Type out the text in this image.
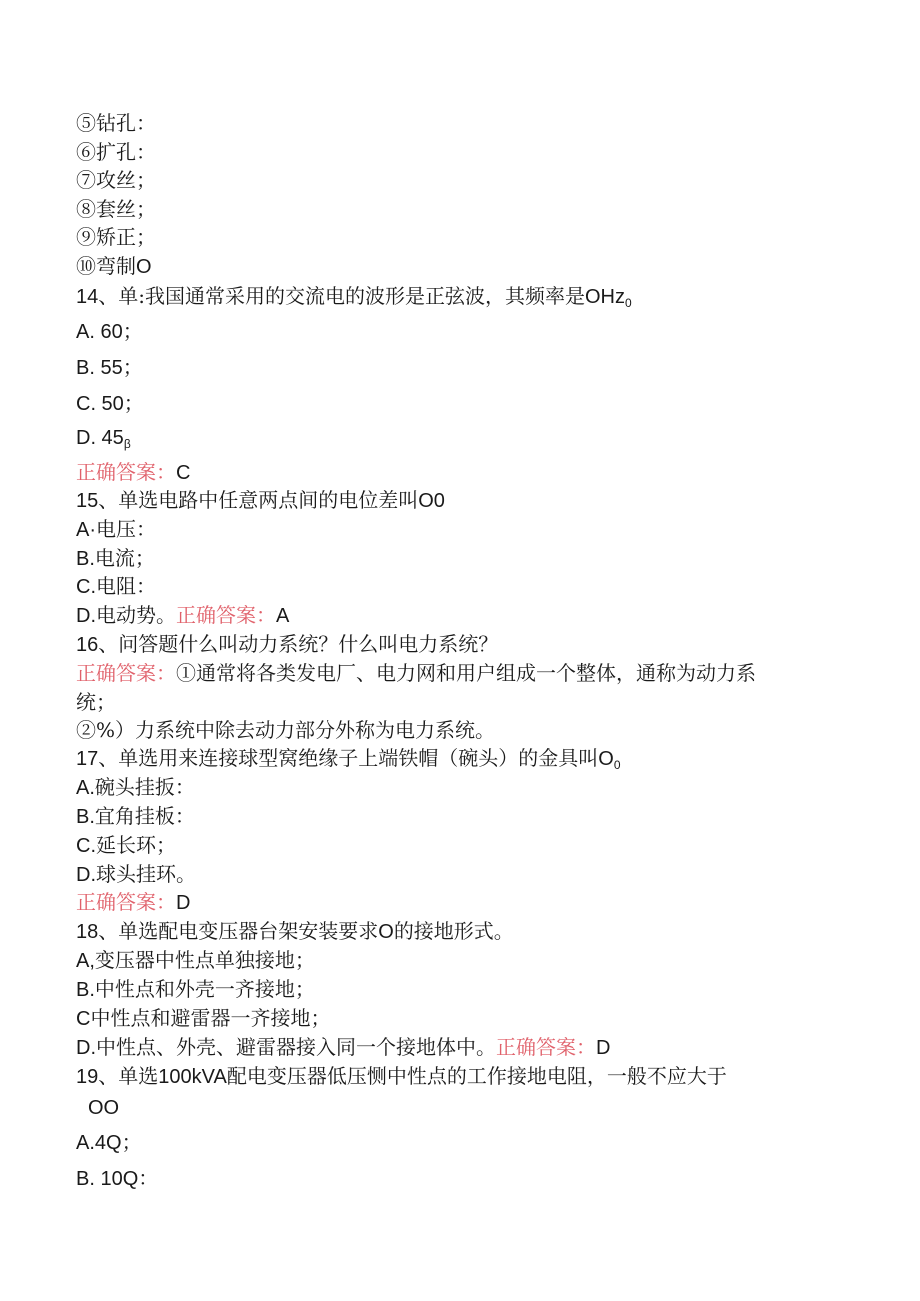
⑤钻孔：
⑥扩孔：
⑦攻丝；
⑧套丝；
⑨矫正；
⑩弯制O
14、单:我国通常采用的交流电的波形是正弦波，其频率是OHz$_0$
A. 60；
B. 55；
C. 50；
D. $45_\beta$
正确答案：C
15、单选电路中任意两点间的电位差叫O0
A·电压：
B.电流；
C.电阻：
D.电动势。正确答案：A
16、问答题什么叫动力系统？什么叫电力系统？
正确答案：①通常将各类发电厂、电力网和用户组成一个整体，通称为动力系
统；
②%）力系统中除去动力部分外称为电力系统。
17、单选用来连接球型窝绝缘子上端铁帽（碗头）的金具叫$O_0$
A.碗头挂扳：
B.宜角挂板：
C.延长环；
D.球头挂环。
正确答案：D
18、单选配电变压器台架安装要求O的接地形式。
A,变压器中性点单独接地；
B.中性点和外壳一齐接地；
C中性点和避雷器一齐接地；
D.中性点、外壳、避雷器接入同一个接地体中。正确答案：D
19、单选100kVA配电变压器低压恻中性点的工作接地电阻，一般不应大于
OO
A.4Q；
B. 10Q：
